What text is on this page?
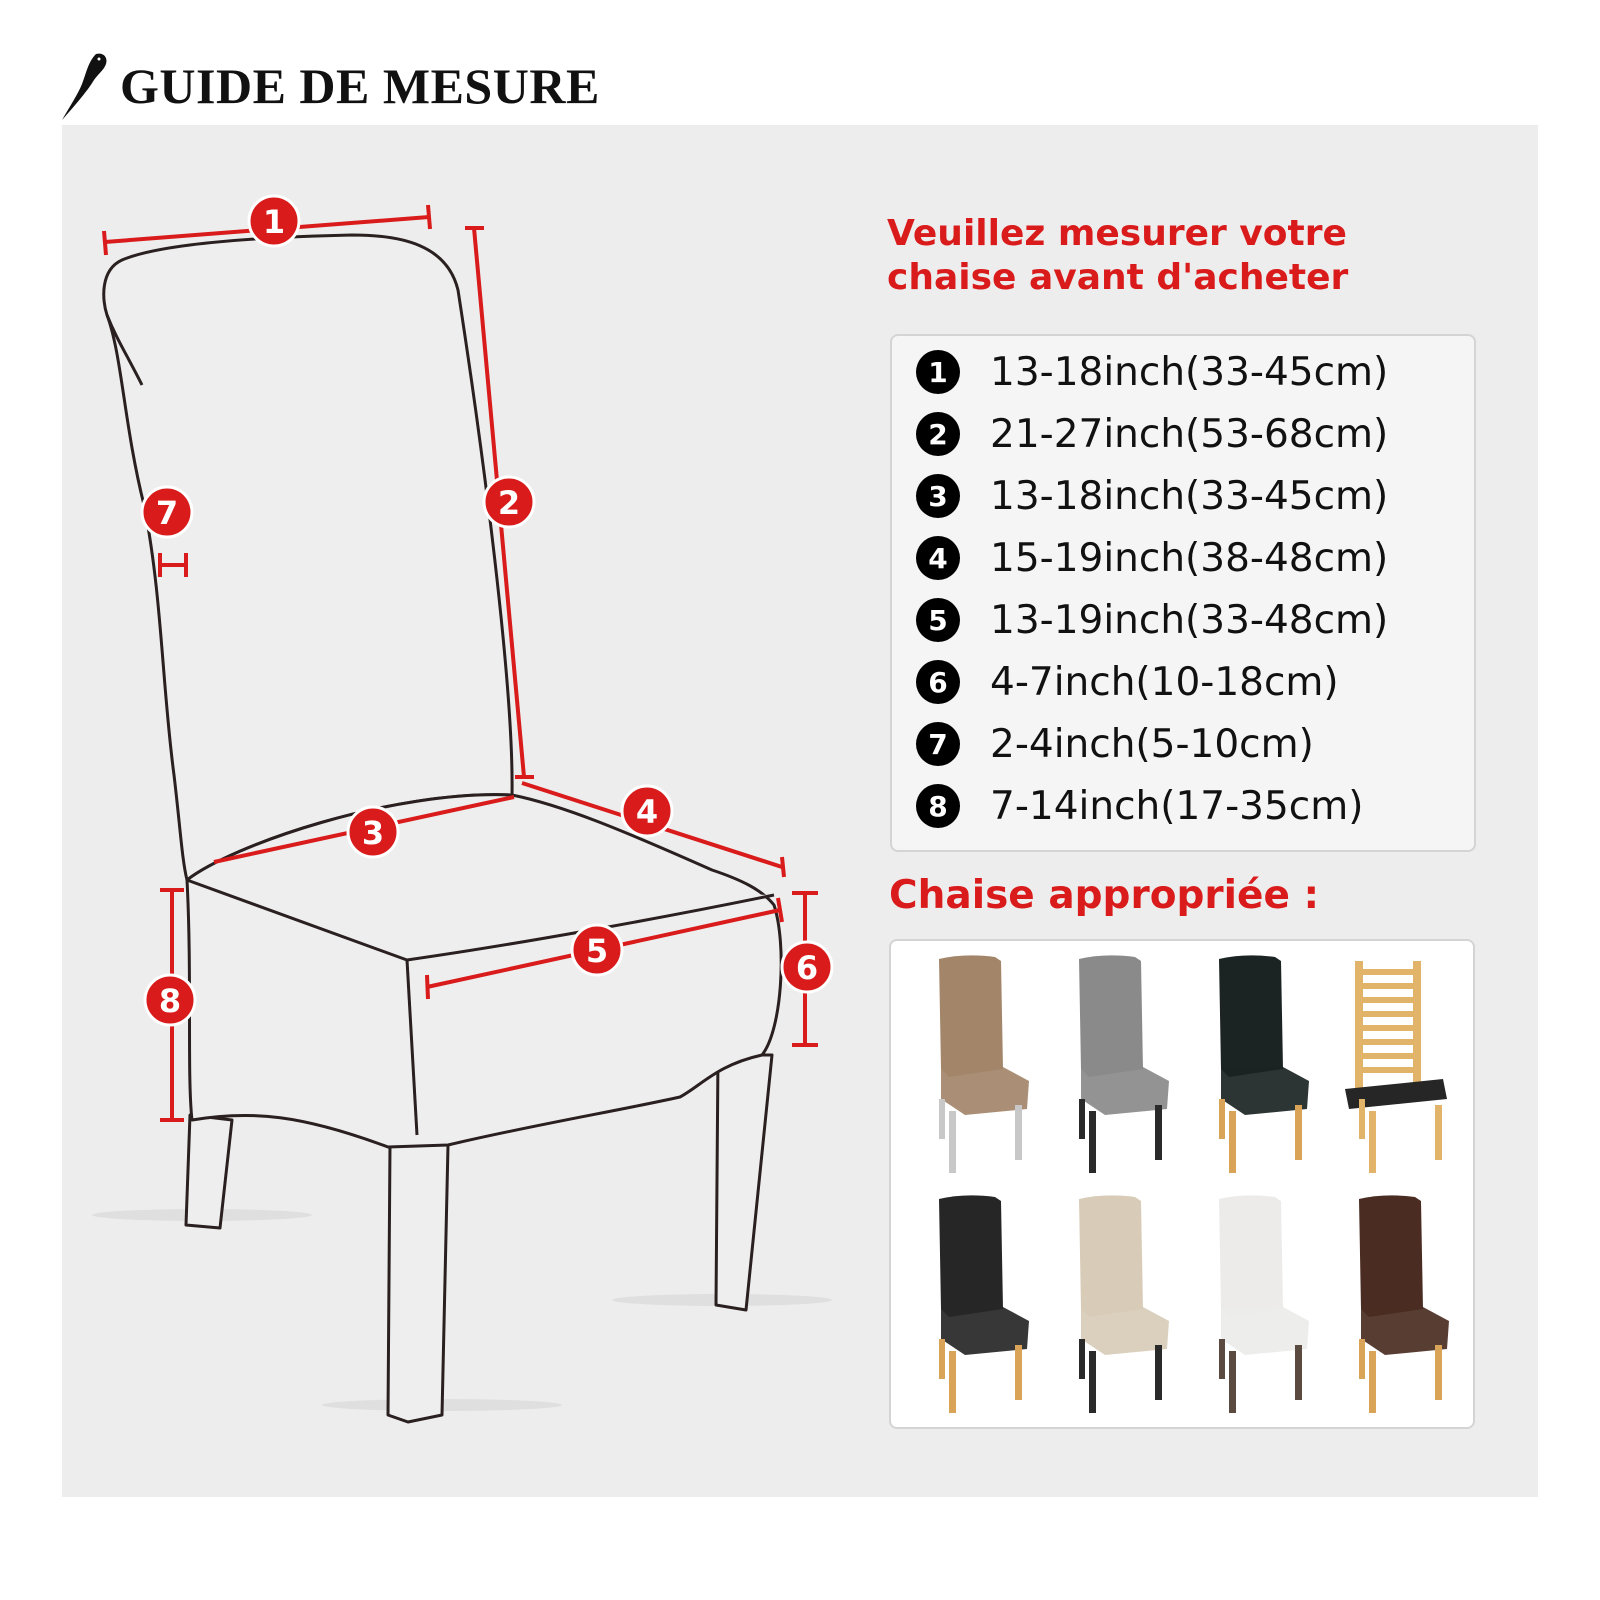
GUIDE DE MESURE
1
2
3
4
5	6
7
8

Veuillez mesurer votre
chaise avant d'acheter

1	13-18inch(33-45cm)
2	21-27inch(53-68cm)
3	13-18inch(33-45cm)
4	15-19inch(38-48cm)
5	13-19inch(33-48cm)
6	4-7inch(10-18cm)
7	2-4inch(5-10cm)
8	7-14inch(17-35cm)

Chaise appropriée :
